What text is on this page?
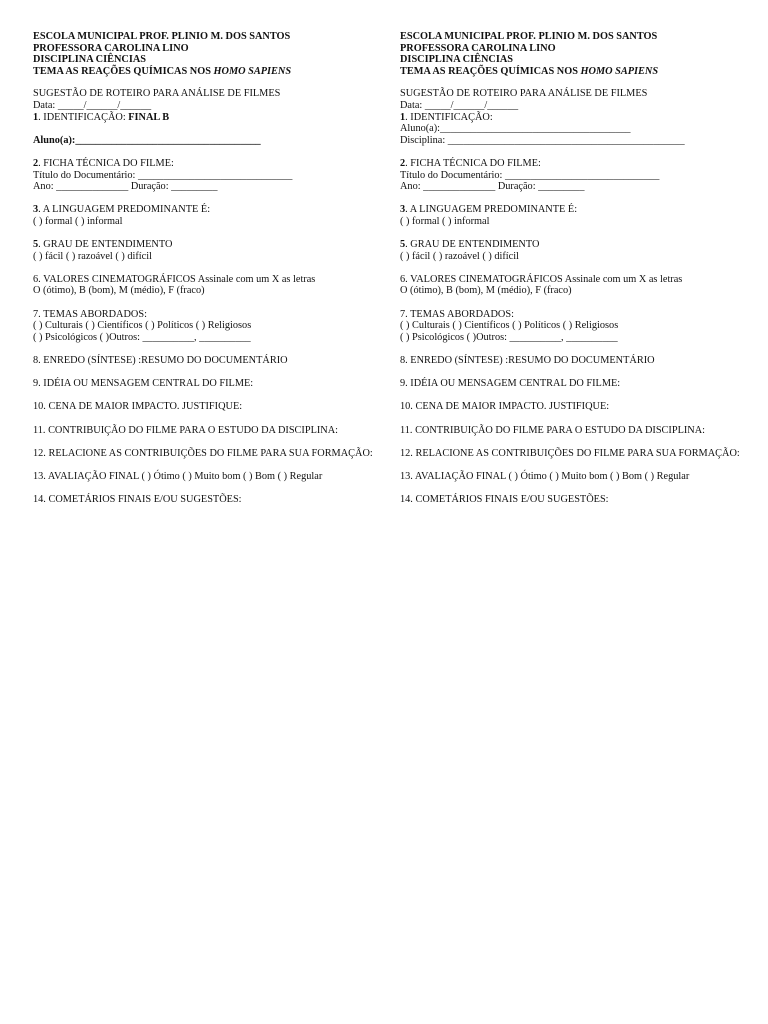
ESCOLA MUNICIPAL PROF. PLINIO M. DOS SANTOS
PROFESSORA CAROLINA LINO
DISCIPLINA CIÊNCIAS
TEMA AS REAÇÕES QUÍMICAS NOS HOMO SAPIENS
SUGESTÃO DE ROTEIRO PARA ANÁLISE DE FILMES
Data: _____/______/______
1. IDENTIFICAÇÃO: FINAL B
Aluno(a):____________________________________
2. FICHA TÉCNICA DO FILME:
Título do Documentário: ______________________________
Ano: ______________ Duração: _________
3. A LINGUAGEM PREDOMINANTE É:
( ) formal ( ) informal
5. GRAU DE ENTENDIMENTO
( ) fácil ( ) razoável ( ) difícil
6. VALORES CINEMATOGRÁFICOS Assinale com um X as letras
O (ótimo), B (bom), M (médio), F (fraco)
7. TEMAS ABORDADOS:
( ) Culturais ( ) Científicos ( ) Políticos ( ) Religiosos
( ) Psicológicos ( )Outros: __________, __________
8. ENREDO (SÍNTESE) :RESUMO DO DOCUMENTÁRIO
9. IDÉIA OU MENSAGEM CENTRAL DO FILME:
10. CENA DE MAIOR IMPACTO. JUSTIFIQUE:
11. CONTRIBUIÇÃO DO FILME PARA O ESTUDO DA DISCIPLINA:
12. RELACIONE AS CONTRIBUIÇÕES DO FILME PARA SUA FORMAÇÃO:
13. AVALIAÇÃO FINAL ( ) Ótimo ( ) Muito bom ( ) Bom ( ) Regular
14. COMETÁRIOS FINAIS E/OU SUGESTÕES:
ESCOLA MUNICIPAL PROF. PLINIO M. DOS SANTOS
PROFESSORA CAROLINA LINO
DISCIPLINA CIÊNCIAS
TEMA AS REAÇÕES QUÍMICAS NOS HOMO SAPIENS
SUGESTÃO DE ROTEIRO PARA ANÁLISE DE FILMES
Data: _____/______/______
1. IDENTIFICAÇÃO:
Aluno(a):_____________________________________
Disciplina: ______________________________________________
2. FICHA TÉCNICA DO FILME:
Título do Documentário: ______________________________
Ano: ______________ Duração: _________
3. A LINGUAGEM PREDOMINANTE É:
( ) formal ( ) informal
5. GRAU DE ENTENDIMENTO
( ) fácil ( ) razoável ( ) difícil
6. VALORES CINEMATOGRÁFICOS Assinale com um X as letras
O (ótimo), B (bom), M (médio), F (fraco)
7. TEMAS ABORDADOS:
( ) Culturais ( ) Científicos ( ) Políticos ( ) Religiosos
( ) Psicológicos ( )Outros: __________, __________
8. ENREDO (SÍNTESE) :RESUMO DO DOCUMENTÁRIO
9. IDÉIA OU MENSAGEM CENTRAL DO FILME:
10. CENA DE MAIOR IMPACTO. JUSTIFIQUE:
11. CONTRIBUIÇÃO DO FILME PARA O ESTUDO DA DISCIPLINA:
12. RELACIONE AS CONTRIBUIÇÕES DO FILME PARA SUA FORMAÇÃO:
13. AVALIAÇÃO FINAL ( ) Ótimo ( ) Muito bom ( ) Bom ( ) Regular
14. COMETÁRIOS FINAIS E/OU SUGESTÕES:
